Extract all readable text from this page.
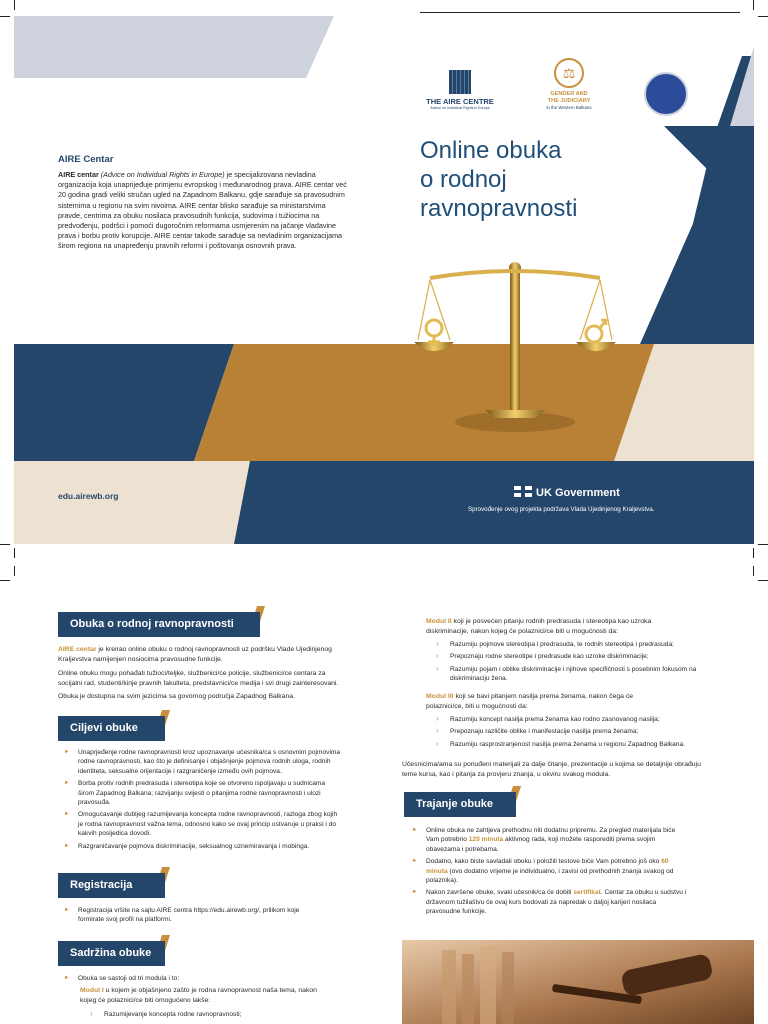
THE AIRE CENTRE
Advice on Individual Rights in Europe
⚖
GENDER AND
THE JUDICIARY
in the Western Balkans
AIRE Centar
AIRE centar (Advice on Individual Rights in Europe) je specijalizovana nevladina organizacija koja unaprijeđuje primjenu evropskog i međunarodnog prava. AIRE centar već 20 godina gradi veliki stručan ugled na Zapadnom Balkanu, gdje sarađuje sa pravosudnim sistemima u regionu na svim nivoima. AIRE centar blisko sarađuje sa ministarstvima pravde, centrima za obuku nosilaca pravosudnih funkcija, sudovima i tužiocima na predvođenju, podršci i pomoći dugoročnim reformama usmjerenim na jačanje vladavine prava i borbu protiv korupcije. AIRE centar takođe sarađuje sa nevladinim organizacijama širom regiona na unapređenju pravnih reformi i poštovanja osnovnih prava.
Online obuka
o rodnoj
ravnopravnosti
edu.airewb.org	UK Government
Sprovođenje ovog projekta podržava Vlada Ujedinjenog Kraljevstva.
Obuka o rodnoj ravnopravnosti
AIRE centar je kreirao online obuku o rodnoj ravnopravnosti uz podršku Vlade Ujedinjenog Kraljevstva namijenjen nosiocima pravosudne funkcije.
Online obuku mogu pohađati tužioci/teljke, službenici/ce policije, službenici/ce centara za socijalni rad, studenti/kinje pravnih fakulteta, predstavnici/ce medija i svi drugi zainteresovani.
Obuka je dostupna na svim jezicima sa govornog područja Zapadnog Balkana.
Ciljevi obuke
► Unaprjeđenje rodne ravnopravnosti kroz upoznavanje učesnika/ca s osnovnim pojmovima rodne ravnopravnosti, kao što je definisanje i objašnjenje pojmova rodnih uloga, rodnih identiteta, seksualne orijentacije i razgraničenje između ovih pojmova.
► Borba protiv rodnih predrasuda i stereotipa koje se otvoreno ispoljavaju u sudnicama širom Zapadnog Balkana; razvijanju svijesti o pitanjima rodne ravnopravnosti i ulozi pravosuđa.
► Omogućavanje dubljeg razumijevanja koncepta rodne ravnopravnosti, razloga zbog kojih je rodna ravnopravnost važna tema, odnosno kako se ovaj princip ostvaruje u praksi i do kakvih posljedica dovodi.
► Razgraničavanje pojmova diskriminacije, seksualnog uznemiravanja i mobinga.
Registracija
► Registracija vršite na sajtu AIRE centra https://edu.airewb.org/, prilikom koje formirate svoj profil na platformi.
Sadržina obuke
► Obuka se sastoji od tri modula i to:
Modul I u kojem je objašnjeno zašto je rodna ravnopravnost našа tema, nakon kojeg će polaznici/ce biti omogućeno lakše:
› Razumijevanje koncepta rodne ravnopravnosti;
Modul II koji je posvećen pitanju rodnih predrasuda i stereotipa kao uzroka diskriminacije, nakon kojeg će polaznici/ce biti u mogućnosti da:
› Razumiju pojmove stereotipa i predrasuda, te rodnih stereotipa i predrasuda;
› Prepoznaju rodne stereotipe i predrasude kao uzroke diskriminacije;
› Razumiju pojam i oblike diskriminacije i njihove specifičnosti s posebnim fokusom na diskriminaciju žena.
Modul III koji se bavi pitanjem nasilja prema ženama, nakon čega će polaznici/ce, biti u mogućnosti da:
› Razumiju koncept nasilja prema ženama kao rodno zasnovanog nasilja;
› Prepoznaju različite oblike i manifestacije nasilja prema ženama;
› Razumiju rasprostranjenost nasilja prema ženama u regionu Zapadnog Balkana.
Učesnicima/ama su ponuđeni materijali za dalje čitanje, prezentacije u kojima se detaljnije obrađuju teme kursa, kao i pitanja za provjeru znanja, u okviru svakog modula.
Trajanje obuke
► Online obuka ne zahtjeva prethodnu niti dodatnu pripremu. Za pregled materijala biće Vam potrebno 120 minuta aktivnog rada, koji možete rasporediti prema svojim obavezama i potrebama.
► Dodatno, kako biste savladali obuku i položili testove biće Vam potrebno još oko 60 minuta (ovo dodatno vrijeme je individualno, i zavisi od prethodnih znanja svakog od polaznika).
► Nakon završene obuke, svaki učesnik/ca će dobiti sertifikat. Centar za obuku u sudstvu i državnom tužilaštvu će ovaj kurs bodovati za napredak u daljoj karijeri nosilaca pravosudne funkcije.
